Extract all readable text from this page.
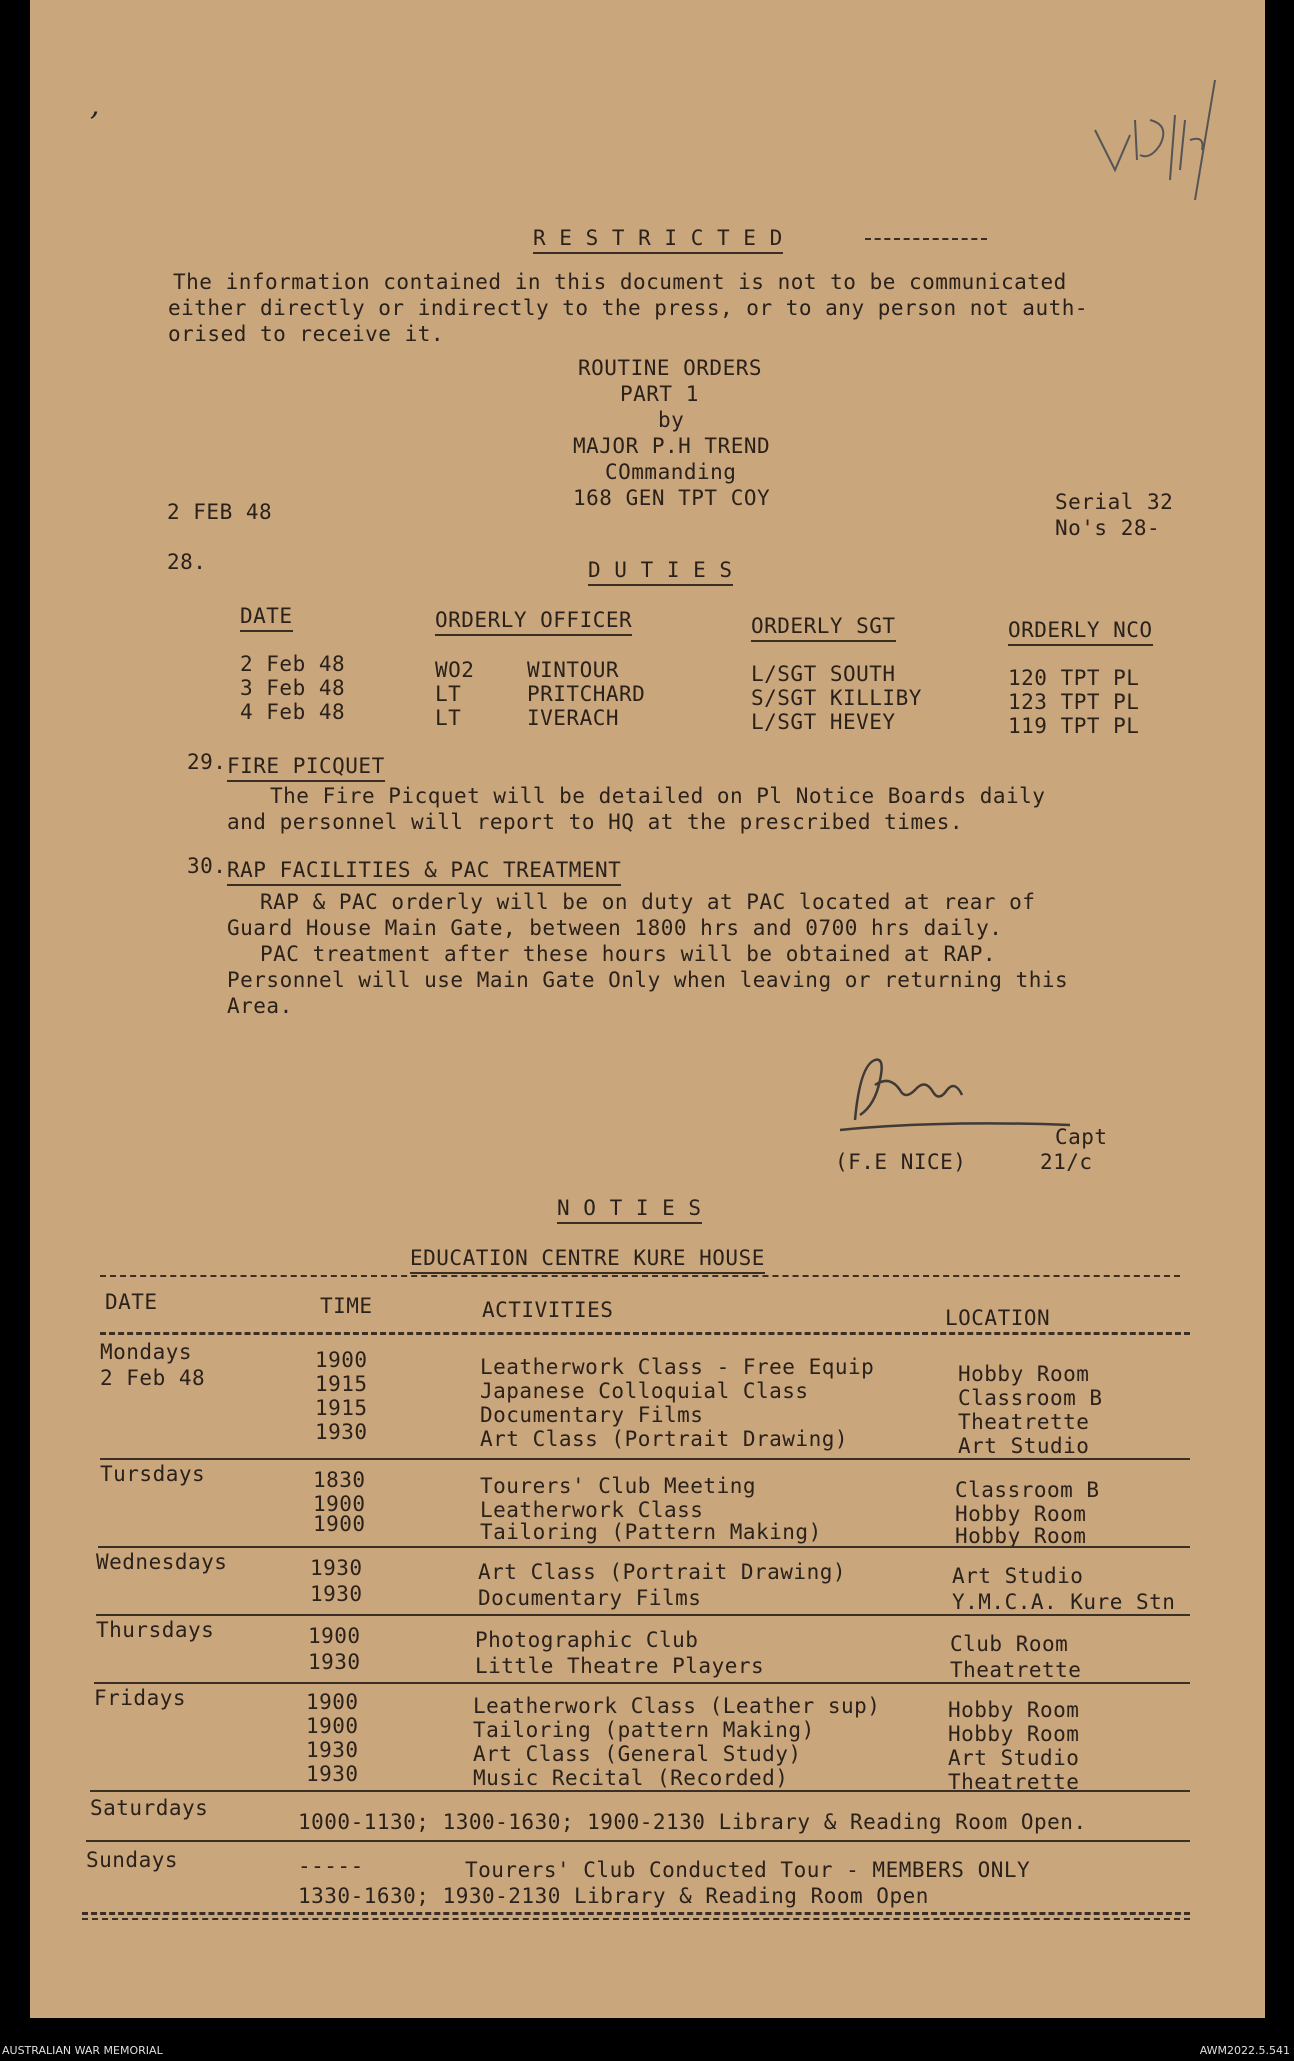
,
R E S T R I C T E D
The information contained in this document is not to be communicated
either directly or indirectly to the press, or to any person not auth-
orised to receive it.
ROUTINE ORDERS
PART 1
by
MAJOR P.H TREND
COmmanding
168 GEN TPT COY
2 FEB 48	Serial 32
No's 28-
28.	D U T I E S
DATE	ORDERLY OFFICER	ORDERLY SGT	ORDERLY NCO
2 Feb 48	WO2	WINTOUR	L/SGT SOUTH	120 TPT PL
3 Feb 48	LT	PRITCHARD	S/SGT KILLIBY	123 TPT PL
4 Feb 48	LT	IVERACH	L/SGT HEVEY	119 TPT PL
29. FIRE PICQUET
The Fire Picquet will be detailed on Pl Notice Boards daily
and personnel will report to HQ at the prescribed times.
30. RAP FACILITIES & PAC TREATMENT
RAP & PAC orderly will be on duty at PAC located at rear of
Guard House Main Gate, between 1800 hrs and 0700 hrs daily.
PAC treatment after these hours will be obtained at RAP.
Personnel will use Main Gate Only when leaving or returning this
Area.
Capt
(F.E NICE)	21/c
N O T I E S
EDUCATION CENTRE KURE HOUSE
DATE	TIME	ACTIVITIES	LOCATION
Mondays
2 Feb 48
1900	Leatherwork Class - Free Equip	Hobby Room
1915	Japanese Colloquial Class	Classroom B
1915	Documentary Films	Theatrette
1930	Art Class (Portrait Drawing)	Art Studio
Tursdays	1830	Tourers' Club Meeting	Classroom B
1900	Leatherwork Class	Hobby Room
1900	Tailoring (Pattern Making)	Hobby Room
Wednesdays	1930	Art Class (Portrait Drawing)	Art Studio
1930	Documentary Films	Y.M.C.A. Kure Stn
Thursdays	1900	Photographic Club	Club Room
1930	Little Theatre Players	Theatrette
Fridays	1900	Leatherwork Class (Leather sup)	Hobby Room
1900	Tailoring (pattern Making)	Hobby Room
1930	Art Class (General Study)	Art Studio
1930	Music Recital (Recorded)	Theatrette
Saturdays
1000-1130; 1300-1630; 1900-2130 Library & Reading Room Open.
Sundays	-----	Tourers' Club Conducted Tour - MEMBERS ONLY
1330-1630; 1930-2130 Library & Reading Room Open
AUSTRALIAN WAR MEMORIAL	AWM2022.5.541
